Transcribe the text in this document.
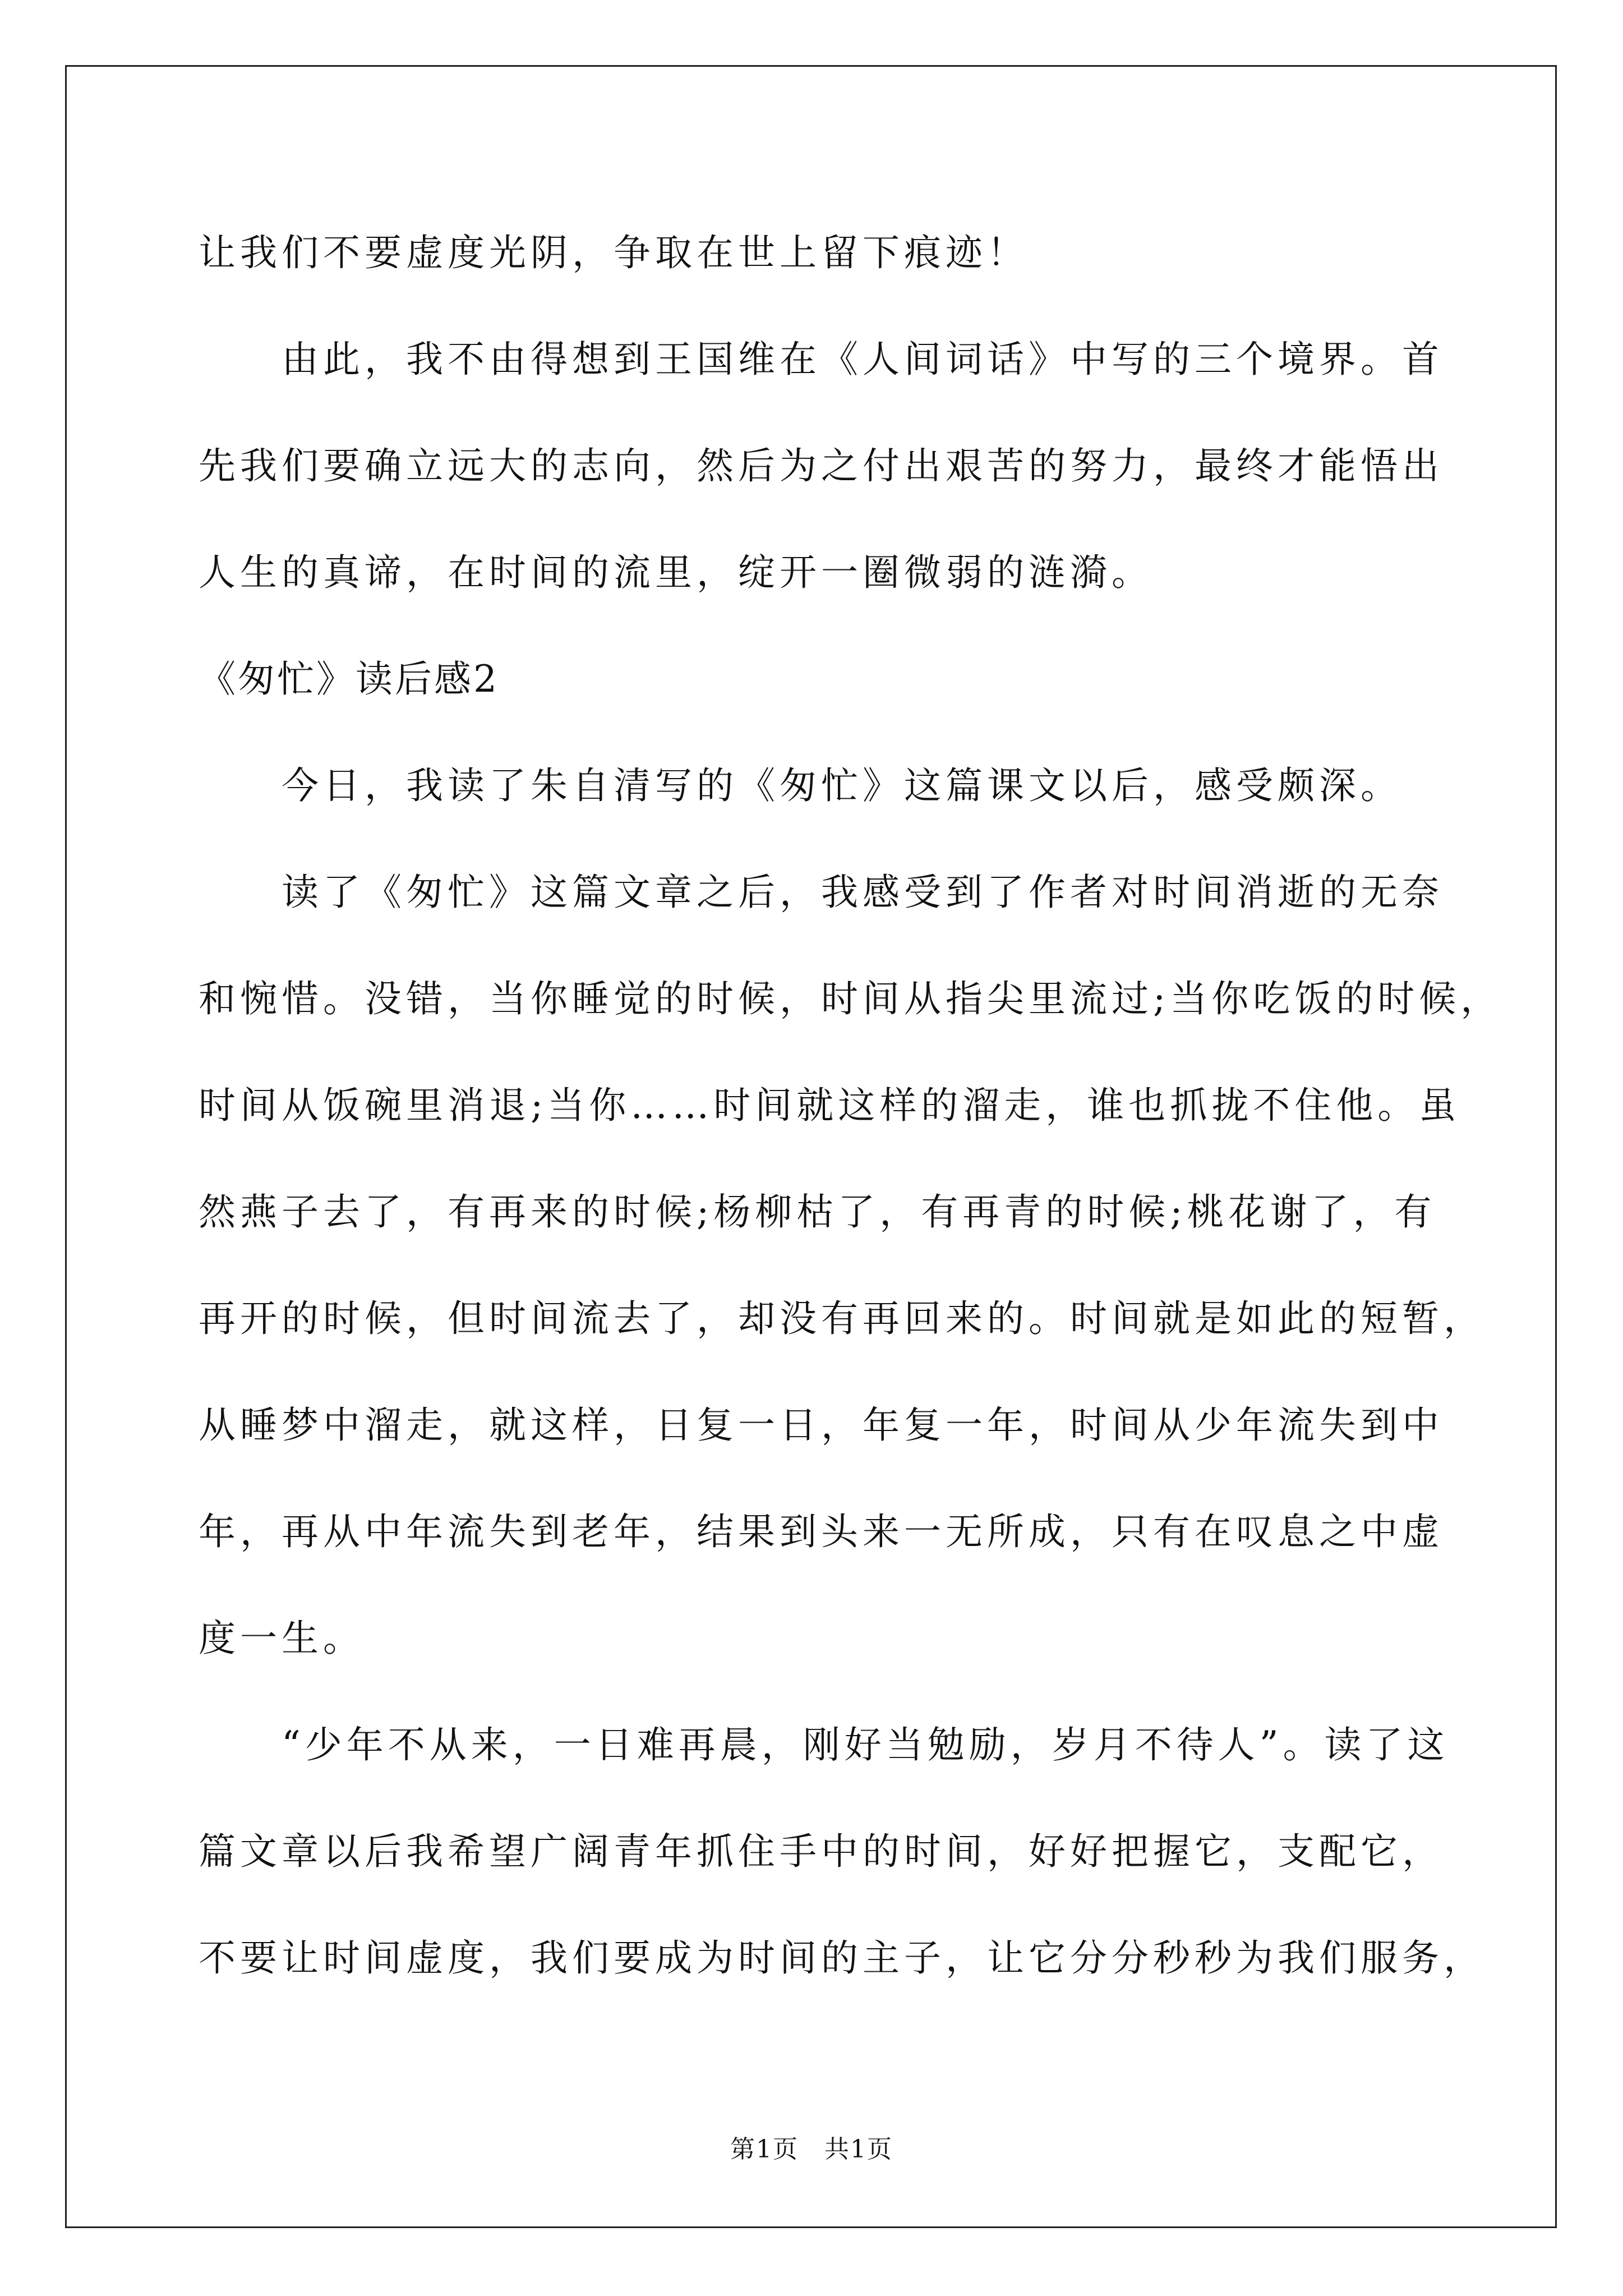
让我们不要虚度光阴，争取在世上留下痕迹！
　　由此，我不由得想到王国维在《人间词话》中写的三个境界。首
先我们要确立远大的志向，然后为之付出艰苦的努力，最终才能悟出
人生的真谛，在时间的流里，绽开一圈微弱的涟漪。
《匆忙》读后感2
　　今日，我读了朱自清写的《匆忙》这篇课文以后，感受颇深。
　　读了《匆忙》这篇文章之后，我感受到了作者对时间消逝的无奈
和惋惜。没错，当你睡觉的时候，时间从指尖里流过;当你吃饭的时候，
时间从饭碗里消退;当你……时间就这样的溜走，谁也抓拢不住他。虽
然燕子去了，有再来的时候;杨柳枯了，有再青的时候;桃花谢了，有
再开的时候，但时间流去了，却没有再回来的。时间就是如此的短暂，
从睡梦中溜走，就这样，日复一日，年复一年，时间从少年流失到中
年，再从中年流失到老年，结果到头来一无所成，只有在叹息之中虚
度一生。
　　“少年不从来，一日难再晨，刚好当勉励，岁月不待人”。读了这
篇文章以后我希望广阔青年抓住手中的时间，好好把握它，支配它，
不要让时间虚度，我们要成为时间的主子，让它分分秒秒为我们服务，
第1页　共1页
